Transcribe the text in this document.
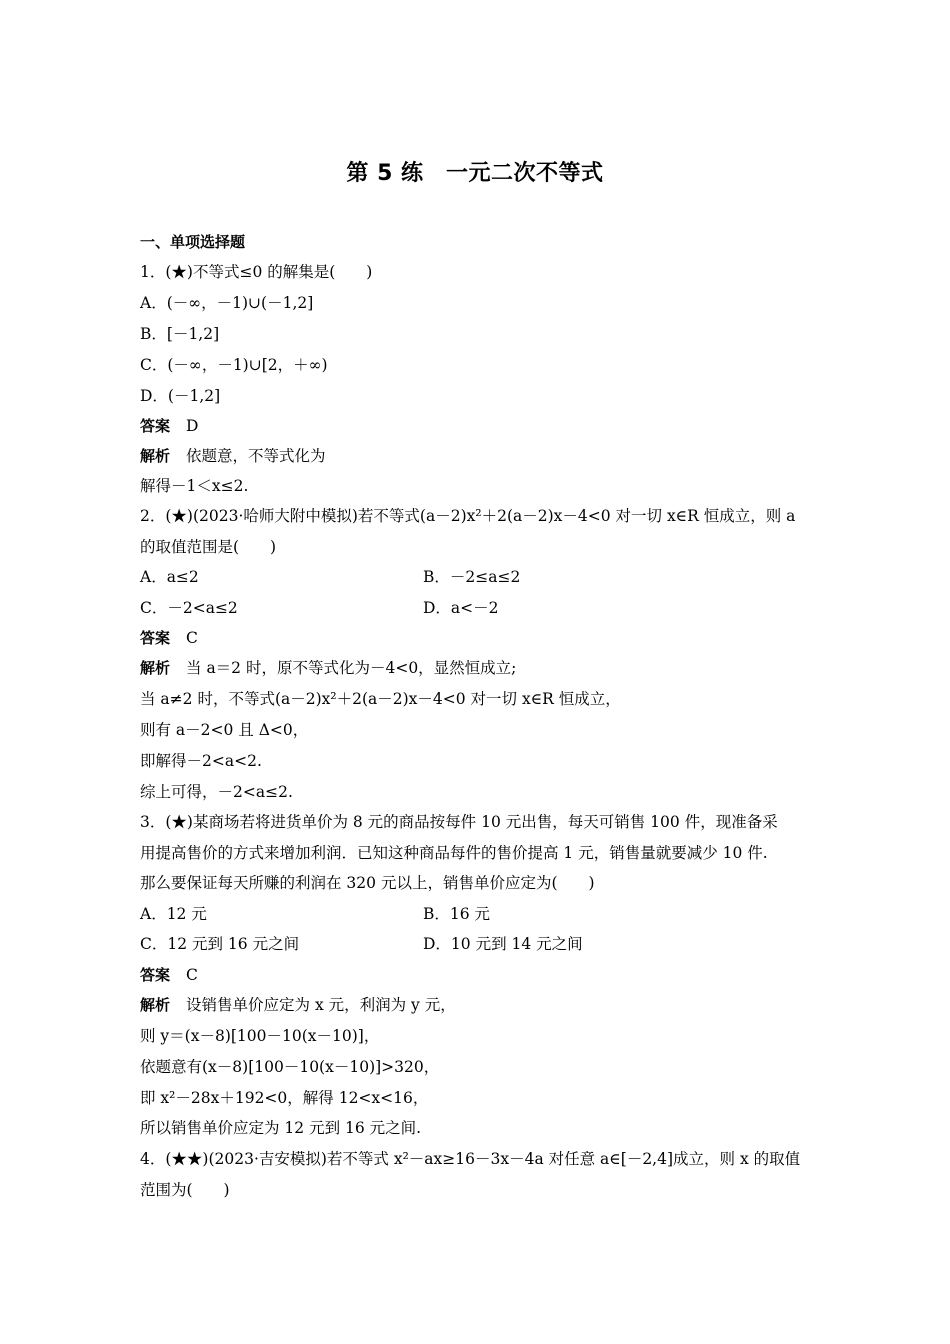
第 5 练　一元二次不等式
一、单项选择题
1．(★)不等式≤0 的解集是(　　)
A．(－∞，－1)∪(－1,2]
B．[－1,2]
C．(－∞，－1)∪[2，＋∞)
D．(－1,2]
答案 D
解析 依题意，不等式化为
解得－1＜x≤2.
2．(★)(2023·哈师大附中模拟)若不等式(a－2)x²＋2(a－2)x－4<0 对一切 x∈R 恒成立，则 a
的取值范围是(　　)
A．a≤2	B．－2≤a≤2
C．－2<a≤2	D．a<－2
答案 C
解析 当 a＝2 时，原不等式化为－4<0，显然恒成立;
当 a≠2 时，不等式(a－2)x²＋2(a－2)x－4<0 对一切 x∈R 恒成立，
则有 a－2<0 且 Δ<0，
即解得－2<a<2.
综上可得，－2<a≤2.
3．(★)某商场若将进货单价为 8 元的商品按每件 10 元出售，每天可销售 100 件，现准备采
用提高售价的方式来增加利润．已知这种商品每件的售价提高 1 元，销售量就要减少 10 件.
那么要保证每天所赚的利润在 320 元以上，销售单价应定为(　　)
A．12 元	B．16 元
C．12 元到 16 元之间	D．10 元到 14 元之间
答案 C
解析 设销售单价应定为 x 元，利润为 y 元，
则 y＝(x－8)[100－10(x－10)]，
依题意有(x－8)[100－10(x－10)]>320，
即 x²－28x＋192<0，解得 12<x<16，
所以销售单价应定为 12 元到 16 元之间.
4．(★★)(2023·吉安模拟)若不等式 x²－ax≥16－3x－4a 对任意 a∈[－2,4]成立，则 x 的取值
范围为(　　)
